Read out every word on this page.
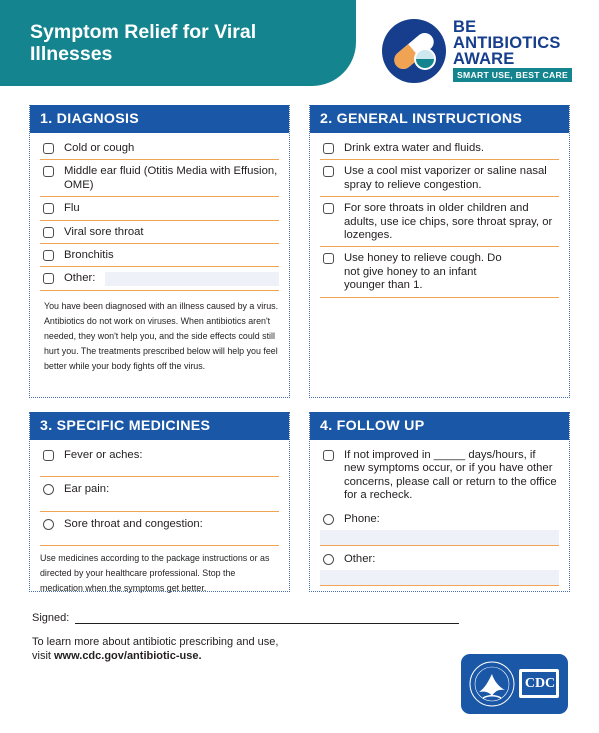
Symptom Relief for Viral Illnesses
BE
ANTIBIOTICS
AWARE
SMART USE, BEST CARE
1. DIAGNOSIS
Cold or cough
Middle ear fluid (Otitis Media with Effusion, OME)
Flu
Viral sore throat
Bronchitis
Other:
You have been diagnosed with an illness caused by a virus. Antibiotics do not work on viruses. When antibiotics aren't needed, they won't help you, and the side effects could still hurt you. The treatments prescribed below will help you feel better while your body fights off the virus.
2. GENERAL INSTRUCTIONS
Drink extra water and fluids.
Use a cool mist vaporizer or saline nasal spray to relieve congestion.
For sore throats in older children and adults, use ice chips, sore throat spray, or lozenges.
Use honey to relieve cough. Do not give honey to an infant younger than 1.
3. SPECIFIC MEDICINES
Fever or aches:
Ear pain:
Sore throat and congestion:
Use medicines according to the package instructions or as directed by your healthcare professional. Stop the medication when the symptoms get better.
4. FOLLOW UP
If not improved in _____ days/hours, if new symptoms occur, or if you have other concerns, please call or return to the office for a recheck.
Phone:
Other:
Signed:
To learn more about antibiotic prescribing and use,
visit www.cdc.gov/antibiotic-use.
CDC
